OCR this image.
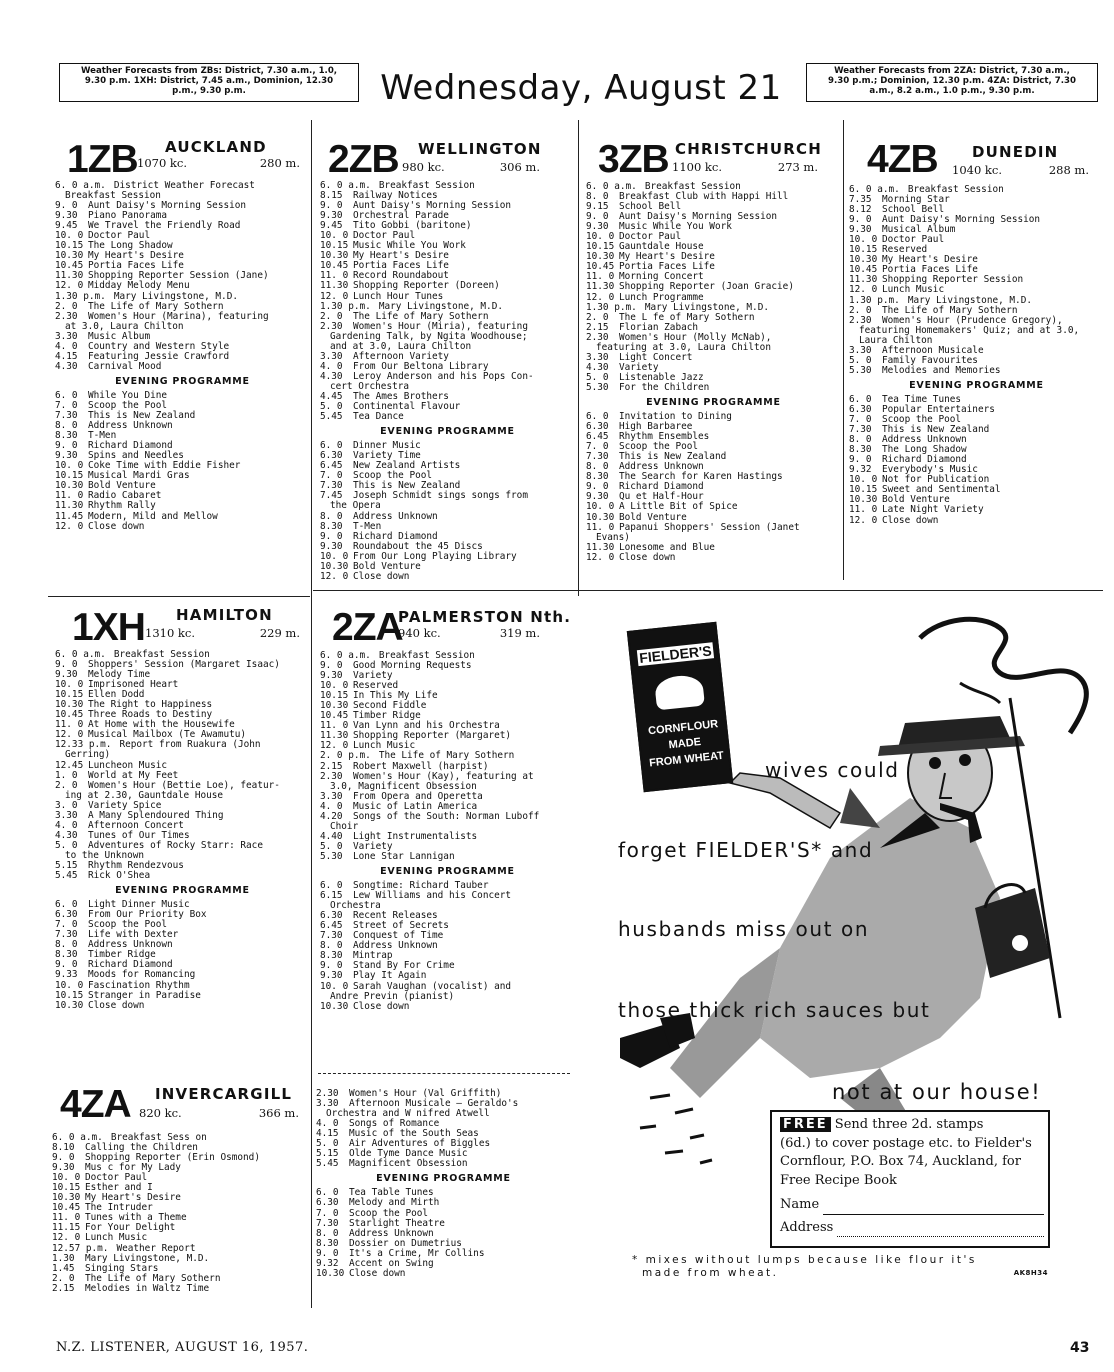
Weather Forecasts from ZBs: District, 7.30 a.m., 1.0,
9.30 p.m. 1XH: District, 7.45 a.m., Dominion, 12.30
p.m., 9.30 p.m.	Wednesday, August 21	Weather Forecasts from 2ZA: District, 7.30 a.m.,
9.30 p.m.; Dominion, 12.30 p.m. 4ZA: District, 7.30
a.m., 8.2 a.m., 1.0 p.m., 9.30 p.m.
1ZB AUCKLAND
1070 kc.	280 m.
6. 0 a.m. District Weather Forecast
Breakfast Session
9. 0	Aunt Daisy's Morning Session
9.30	Piano Panorama
9.45	We Travel the Friendly Road
10. 0 Doctor Paul
10.15 The Long Shadow
10.30 My Heart's Desire
10.45 Portia Faces Life
11.30 Shopping Reporter Session (Jane)
12. 0 Midday Melody Menu
1.30 p.m. Mary Livingstone, M.D.
2. 0	The Life of Mary Sothern
2.30	Women's Hour (Marina), featuring
at 3.0, Laura Chilton
3.30	Music Album
4. 0	Country and Western Style
4.15	Featuring Jessie Crawford
4.30	Carnival Mood
EVENING PROGRAMME
6. 0	While You Dine
7. 0	Scoop the Pool
7.30	This is New Zealand
8. 0	Address Unknown
8.30	T-Men
9. 0	Richard Diamond
9.30	Spins and Needles
10. 0 Coke Time with Eddie Fisher
10.15 Musical Mardi Gras
10.30 Bold Venture
11. 0 Radio Cabaret
11.30 Rhythm Rally
11.45 Modern, Mild and Mellow
12. 0 Close down
2ZB WELLINGTON
980 kc.	306 m.
6. 0 a.m. Breakfast Session
8.15	Railway Notices
9. 0	Aunt Daisy's Morning Session
9.30	Orchestral Parade
9.45	Tito Gobbi (baritone)
10. 0 Doctor Paul
10.15 Music While You Work
10.30 My Heart's Desire
10.45 Portia Faces Life
11. 0 Record Roundabout
11.30 Shopping Reporter (Doreen)
12. 0 Lunch Hour Tunes
1.30 p.m. Mary Livingstone, M.D.
2. 0	The Life of Mary Sothern
2.30	Women's Hour (Miria), featuring
Gardening Talk, by Ngita Woodhouse;
and at 3.0, Laura Chilton
3.30	Afternoon Variety
4. 0	From Our Beltona Library
4.30	Leroy Anderson and his Pops Con-
cert Orchestra
4.45	The Ames Brothers
5. 0	Continental Flavour
5.45	Tea Dance
EVENING PROGRAMME
6. 0	Dinner Music
6.30	Variety Time
6.45	New Zealand Artists
7. 0	Scoop the Pool
7.30	This is New Zealand
7.45	Joseph Schmidt sings songs from
the Opera
8. 0	Address Unknown
8.30	T-Men
9. 0	Richard Diamond
9.30	Roundabout the 45 Discs
10. 0 From Our Long Playing Library
10.30 Bold Venture
12. 0 Close down
3ZB CHRISTCHURCH
1100 kc.	273 m.
6. 0 a.m. Breakfast Session
8. 0	Breakfast Club with Happi Hill
9.15	School Bell
9. 0	Aunt Daisy's Morning Session
9.30	Music While You Work
10. 0 Doctor Paul
10.15 Gauntdale House
10.30 My Heart's Desire
10.45 Portia Faces Life
11. 0 Morning Concert
11.30 Shopping Reporter (Joan Gracie)
12. 0 Lunch Programme
1.30 p.m. Mary Livingstone, M.D.
2. 0	The L fe of Mary Sothern
2.15	Florian Zabach
2.30	Women's Hour (Molly McNab),
featuring at 3.0, Laura Chilton
3.30	Light Concert
4.30	Variety
5. 0	Listenable Jazz
5.30	For the Children
EVENING PROGRAMME
6. 0	Invitation to Dining
6.30	High Barbaree
6.45	Rhythm Ensembles
7. 0	Scoop the Pool
7.30	This is New Zealand
8. 0	Address Unknown
8.30	The Search for Karen Hastings
9. 0	Richard Diamond
9.30	Qu et Half-Hour
10. 0 A Little Bit of Spice
10.30 Bold Venture
11. 0 Papanui Shoppers' Session (Janet
Evans)
11.30 Lonesome and Blue
12. 0 Close down
4ZB DUNEDIN
1040 kc.	288 m.
6. 0 a.m. Breakfast Session
7.35	Morning Star
8.12	School Bell
9. 0	Aunt Daisy's Morning Session
9.30	Musical Album
10. 0 Doctor Paul
10.15 Reserved
10.30 My Heart's Desire
10.45 Portia Faces Life
11.30 Shopping Reporter Session
12. 0 Lunch Music
1.30 p.m. Mary Livingstone, M.D.
2. 0	The Life of Mary Sothern
2.30	Women's Hour (Prudence Gregory),
featuring Homemakers' Quiz; and at 3.0,
Laura Chilton
3.30	Afternoon Musicale
5. 0	Family Favourites
5.30	Melodies and Memories
EVENING PROGRAMME
6. 0	Tea Time Tunes
6.30	Popular Entertainers
7. 0	Scoop the Pool
7.30	This is New Zealand
8. 0	Address Unknown
8.30	The Long Shadow
9. 0	Richard Diamond
9.32	Everybody's Music
10. 0 Not for Publication
10.15 Sweet and Sentimental
10.30 Bold Venture
11. 0 Late Night Variety
12. 0 Close down
1XH HAMILTON
1310 kc.	229 m.
6. 0 a.m. Breakfast Session
9. 0	Shoppers' Session (Margaret Isaac)
9.30	Melody Time
10. 0 Imprisoned Heart
10.15 Ellen Dodd
10.30 The Right to Happiness
10.45 Three Roads to Destiny
11. 0 At Home with the Housewife
12. 0 Musical Mailbox (Te Awamutu)
12.33 p.m. Report from Ruakura (John
Gerring)
12.45 Luncheon Music
1. 0	World at My Feet
2. 0	Women's Hour (Bettie Loe), featur-
ing at 2.30, Gauntdale House
3. 0	Variety Spice
3.30	A Many Splendoured Thing
4. 0	Afternoon Concert
4.30	Tunes of Our Times
5. 0	Adventures of Rocky Starr: Race
to the Unknown
5.15	Rhythm Rendezvous
5.45	Rick O'Shea
EVENING PROGRAMME
6. 0	Light Dinner Music
6.30	From Our Priority Box
7. 0	Scoop the Pool
7.30	Life with Dexter
8. 0	Address Unknown
8.30	Timber Ridge
9. 0	Richard Diamond
9.33	Moods for Romancing
10. 0 Fascination Rhythm
10.15 Stranger in Paradise
10.30 Close down
2ZA
PALMERSTON Nth.
940 kc.	319 m.
6. 0 a.m. Breakfast Session
9. 0	Good Morning Requests
9.30	Variety
10. 0 Reserved
10.15 In This My Life
10.30 Second Fiddle
10.45 Timber Ridge
11. 0 Van Lynn and his Orchestra
11.30 Shopping Reporter (Margaret)
12. 0 Lunch Music
2. 0 p.m. The Life of Mary Sothern
2.15	Robert Maxwell (harpist)
2.30	Women's Hour (Kay), featuring at
3.0, Magnificent Obsession
3.30	From Opera and Operetta
4. 0	Music of Latin America
4.20	Songs of the South: Norman Luboff
Choir
4.40	Light Instrumentalists
5. 0	Variety
5.30	Lone Star Lannigan
EVENING PROGRAMME
6. 0	Songtime: Richard Tauber
6.15	Lew Williams and his Concert
Orchestra
6.30	Recent Releases
6.45	Street of Secrets
7.30	Conquest of Time
8. 0	Address Unknown
8.30	Mintrap
9. 0	Stand By For Crime
9.30	Play It Again
10. 0 Sarah Vaughan (vocalist) and
Andre Previn (pianist)
10.30 Close down
2.30	Women's Hour (Val Griffith)
3.30	Afternoon Musicale — Geraldo's
Orchestra and W nifred Atwell
4. 0	Songs of Romance
4.15	Music of the South Seas
5. 0	Air Adventures of Biggles
5.15	Olde Tyme Dance Music
5.45	Magnificent Obsession
EVENING PROGRAMME
6. 0	Tea Table Tunes
6.30	Melody and Mirth
7. 0	Scoop the Pool
7.30	Starlight Theatre
8. 0	Address Unknown
8.30	Dossier on Dumetrius
9. 0	It's a Crime, Mr Collins
9.32	Accent on Swing
10.30 Close down
4ZA INVERCARGILL
820 kc.	366 m.
6. 0 a.m. Breakfast Sess on
8.10	Calling the Children
9. 0	Shopping Reporter (Erin Osmond)
9.30	Mus c for My Lady
10. 0 Doctor Paul
10.15 Esther and I
10.30 My Heart's Desire
10.45 The Intruder
11. 0 Tunes with a Theme
11.15 For Your Delight
12. 0 Lunch Music
12.57 p.m. Weather Report
1.30	Mary Livingstone, M.D.
1.45	Singing Stars
2. 0	The Life of Mary Sothern
2.15	Melodies in Waltz Time
FIELDER'S
CORNFLOUR
MADE
FROM WHEAT wives could
forget FIELDER'S* and
husbands miss out on
those thick rich sauces but
not at our house!
FREE Send three 2d. stamps
(6d.) to cover postage etc. to Fielder's
Cornflour, P.O. Box 74, Auckland, for
Free Recipe Book
Name
Address
* mixes without lumps because like flour it's
made from wheat.	AK8H34
N.Z. LISTENER, AUGUST 16, 1957.	43
